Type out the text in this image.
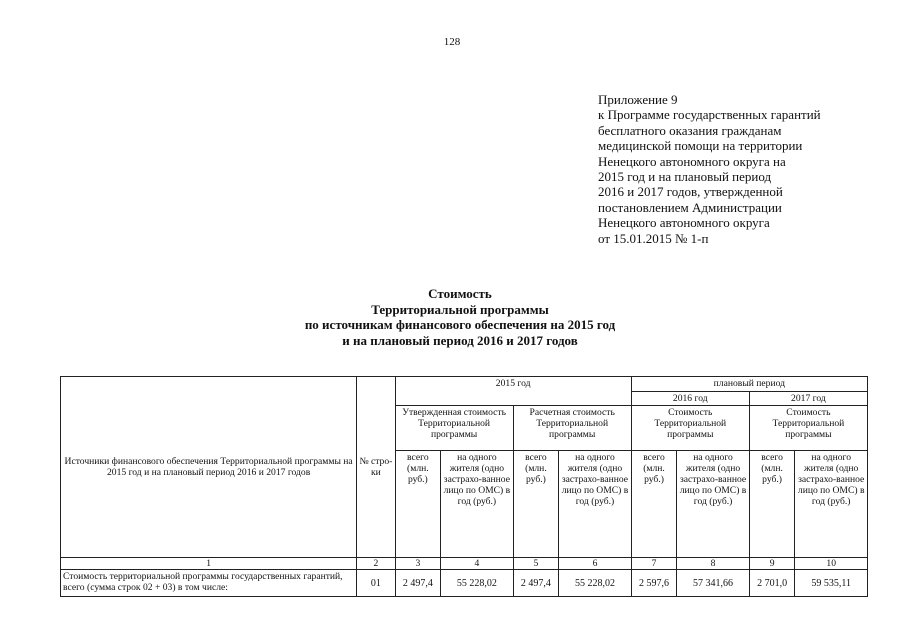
128
Приложение 9
к Программе государственных гарантий
бесплатного оказания гражданам
медицинской помощи на территории
Ненецкого автономного округа на
2015 год и на плановый период
2016 и 2017 годов, утвержденной
постановлением Администрации
Ненецкого автономного округа
от 15.01.2015 № 1-п
Стоимость
Территориальной программы
по источникам финансового обеспечения на 2015 год
и на плановый период 2016 и 2017 годов
Источники финансового обеспечения Территориальной программы на 2015 год и на плановый период 2016 и 2017 годов	№ стро-ки	2015 год				плановый период			
						2016 год		2017 год	
		Утвержденная стоимость Территориальной программы		Расчетная стоимость Территориальной программы		Стоимость Территориальной программы		Стоимость Территориальной программы	
		всего (млн. руб.)	на одного жителя (одно застрахо-ванное лицо по ОМС) в год (руб.)	всего (млн. руб.)	на одного жителя (одно застрахо-ванное лицо по ОМС) в год (руб.)	всего (млн. руб.)	на одного жителя (одно застрахо-ванное лицо по ОМС) в год (руб.)	всего (млн. руб.)	на одного жителя (одно застрахо-ванное лицо по ОМС) в год (руб.)
1	2	3	4	5	6	7	8	9	10
Стоимость территориальной программы государственных гарантий, всего (сумма строк 02 + 03) в том числе:	01	2 497,4	55 228,02	2 497,4	55 228,02	2 597,6	57 341,66	2 701,0	59 535,11
